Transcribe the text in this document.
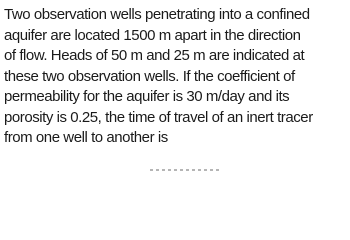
Two observation wells penetrating into a confined
aquifer are located 1500 m apart in the direction
of flow. Heads of 50 m and 25 m are indicated at
these two observation wells. If the coefficient of
permeability for the aquifer is 30 m/day and its
porosity is 0.25, the time of travel of an inert tracer
from one well to another is
